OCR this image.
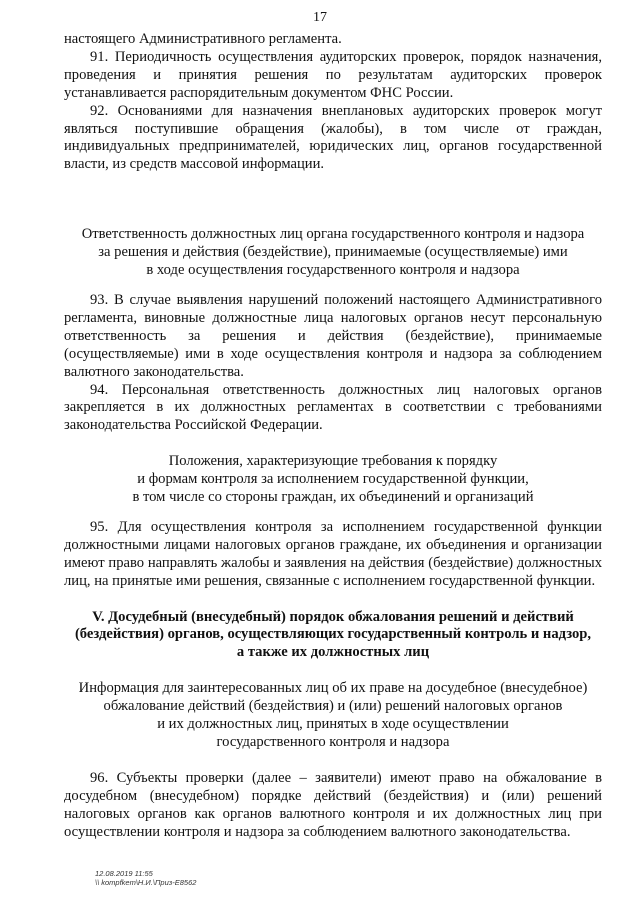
17

настоящего Административного регламента.

91. Периодичность осуществления аудиторских проверок, порядок назначения, проведения и принятия решения по результатам аудиторских проверок устанавливается распорядительным документом ФНС России.

92. Основаниями для назначения внеплановых аудиторских проверок могут являться поступившие обращения (жалобы), в том числе от граждан, индивидуальных предпринимателей, юридических лиц, органов государственной власти, из средств массовой информации.

Ответственность должностных лиц органа государственного контроля и надзора

за решения и действия (бездействие), принимаемые (осуществляемые) ими

в ходе осуществления государственного контроля и надзора

93. В случае выявления нарушений положений настоящего Административного регламента, виновные должностные лица налоговых органов несут персональную ответственность за решения и действия (бездействие), принимаемые (осуществляемые) ими в ходе осуществления контроля и надзора за соблюдением валютного законодательства.

94. Персональная ответственность должностных лиц налоговых органов закрепляется в их должностных регламентах в соответствии с требованиями законодательства Российской Федерации.

Положения, характеризующие требования к порядку

и формам контроля за исполнением государственной функции,

в том числе со стороны граждан, их объединений и организаций

95. Для осуществления контроля за исполнением государственной функции должностными лицами налоговых органов граждане, их объединения и организации имеют право направлять жалобы и заявления на действия (бездействие) должностных лиц, на принятые ими решения, связанные с исполнением государственной функции.

V. Досудебный (внесудебный) порядок обжалования решений и действий

(бездействия) органов, осуществляющих государственный контроль и надзор,

а также их должностных лиц

Информация для заинтересованных лиц об их праве на досудебное (внесудебное)

обжалование действий (бездействия) и (или) решений налоговых органов

и их должностных лиц, принятых в ходе осуществлении

государственного контроля и надзора

96. Субъекты проверки (далее – заявители) имеют право на обжалование в досудебном (внесудебном) порядке действий (бездействия) и (или) решений налоговых органов как органов валютного контроля и их должностных лиц при осуществлении контроля и надзора за соблюдением валютного законодательства.

12.08.2019 11:55
\\ kompfkem\Н.И.\Приз-E8562
